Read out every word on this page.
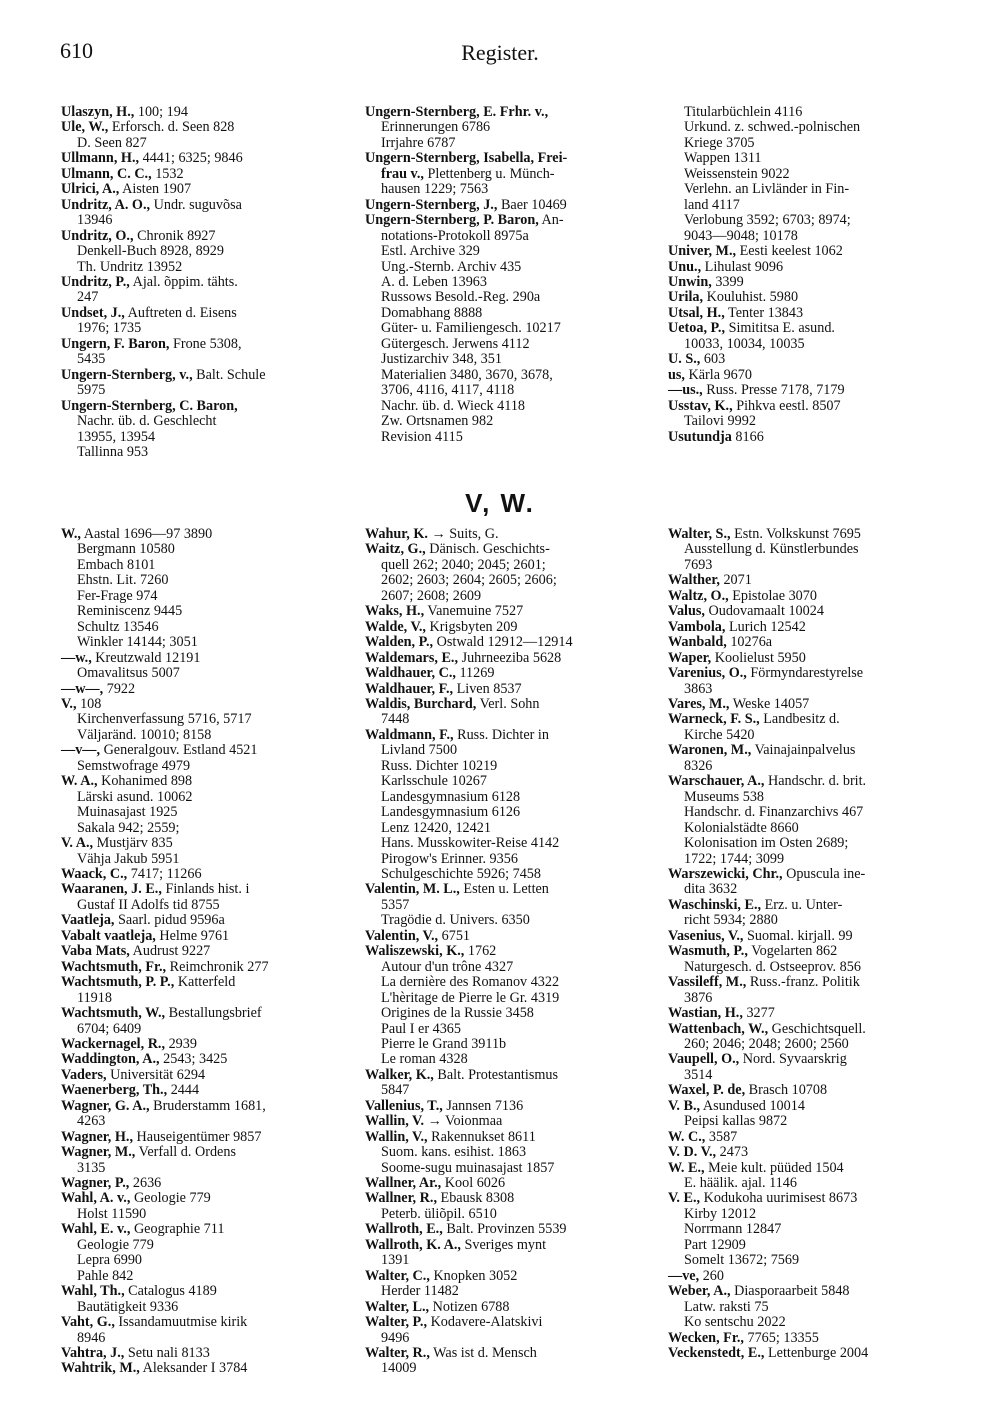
610	Register.
Ulaszyn, H., 100; 194
Ule, W., Erforsch. d. Seen 828
D. Seen 827
Ullmann, H., 4441; 6325; 9846
Ulmann, C. C., 1532
Ulrici, A., Aisten 1907
Undritz, A. O., Undr. suguvõsa
13946
Undritz, O., Chronik 8927
Denkell-Buch 8928, 8929
Th. Undritz 13952
Undritz, P., Ajal. õppim. tähts.
247
Undset, J., Auftreten d. Eisens
1976; 1735
Ungern, F. Baron, Frone 5308,
5435
Ungern-Sternberg, v., Balt. Schule
5975
Ungern-Sternberg, C. Baron,
Nachr. üb. d. Geschlecht
13955, 13954
Tallinna 953
Ungern-Sternberg, E. Frhr. v.,
Erinnerungen 6786
Irrjahre 6787
Ungern-Sternberg, Isabella, Frei-
frau v., Plettenberg u. Münch-
hausen 1229; 7563
Ungern-Sternberg, J., Baer 10469
Ungern-Sternberg, P. Baron, An-
notations-Protokoll 8975a
Estl. Archive 329
Ung.-Sternb. Archiv 435
A. d. Leben 13963
Russows Besold.-Reg. 290a
Domabhang 8888
Güter- u. Familiengesch. 10217
Gütergesch. Jerwens 4112
Justizarchiv 348, 351
Materialien 3480, 3670, 3678,
3706, 4116, 4117, 4118
Nachr. üb. d. Wieck 4118
Zw. Ortsnamen 982
Revision 4115
Titularbüchlein 4116
Urkund. z. schwed.-polnischen
Kriege 3705
Wappen 1311
Weissenstein 9022
Verlehn. an Livländer in Fin-
land 4117
Verlobung 3592; 6703; 8974;
9043—9048; 10178
Univer, M., Eesti keelest 1062
Unu., Lihulast 9096
Unwin, 3399
Urila, Kouluhist. 5980
Utsal, H., Tenter 13843
Uetoa, P., Simititsa E. asund.
10033, 10034, 10035
U. S., 603
us, Kärla 9670
—us., Russ. Presse 7178, 7179
Usstav, K., Pihkva eestl. 8507
Tailovi 9992
Usutundja 8166
V, W.
W., Aastal 1696—97 3890
Bergmann 10580
Embach 8101
Ehstn. Lit. 7260
Fer-Frage 974
Reminiscenz 9445
Schultz 13546
Winkler 14144; 3051
—w., Kreutzwald 12191
Omavalitsus 5007
—w—, 7922
V., 108
Kirchenverfassung 5716, 5717
Väljaränd. 10010; 8158
—v—, Generalgouv. Estland 4521
Semstwofrage 4979
W. A., Kohanimed 898
Lärski asund. 10062
Muinasajast 1925
Sakala 942; 2559;
V. A., Mustjärv 835
Vähja Jakub 5951
Waack, C., 7417; 11266
Waaranen, J. E., Finlands hist. i
Gustaf II Adolfs tid 8755
Vaatleja, Saarl. pidud 9596a
Vabalt vaatleja, Helme 9761
Vaba Mats, Audrust 9227
Wachtsmuth, Fr., Reimchronik 277
Wachtsmuth, P. P., Katterfeld
11918
Wachtsmuth, W., Bestallungsbrief
6704; 6409
Wackernagel, R., 2939
Waddington, A., 2543; 3425
Vaders, Universität 6294
Waenerberg, Th., 2444
Wagner, G. A., Bruderstamm 1681,
4263
Wagner, H., Hauseigentümer 9857
Wagner, M., Verfall d. Ordens
3135
Wagner, P., 2636
Wahl, A. v., Geologie 779
Holst 11590
Wahl, E. v., Geographie 711
Geologie 779
Lepra 6990
Pahle 842
Wahl, Th., Catalogus 4189
Bautätigkeit 9336
Vaht, G., Issandamuutmise kirik
8946
Vahtra, J., Setu nali 8133
Wahtrik, M., Aleksander I 3784
Wahur, K. → Suits, G.
Waitz, G., Dänisch. Geschichts-
quell 262; 2040; 2045; 2601;
2602; 2603; 2604; 2605; 2606;
2607; 2608; 2609
Waks, H., Vanemuine 7527
Walde, V., Krigsbyten 209
Walden, P., Ostwald 12912—12914
Waldemars, E., Juhrneeziba 5628
Waldhauer, C., 11269
Waldhauer, F., Liven 8537
Waldis, Burchard, Verl. Sohn
7448
Waldmann, F., Russ. Dichter in
Livland 7500
Russ. Dichter 10219
Karlsschule 10267
Landesgymnasium 6128
Landesgymnasium 6126
Lenz 12420, 12421
Hans. Musskowiter-Reise 4142
Pirogow's Erinner. 9356
Schulgeschichte 5926; 7458
Valentin, M. L., Esten u. Letten
5357
Tragödie d. Univers. 6350
Valentin, V., 6751
Waliszewski, K., 1762
Autour d'un trône 4327
La dernière des Romanov 4322
L'hèritage de Pierre le Gr. 4319
Origines de la Russie 3458
Paul I er 4365
Pierre le Grand 3911b
Le roman 4328
Walker, K., Balt. Protestantismus
5847
Vallenius, T., Jannsen 7136
Wallin, V. → Voionmaa
Wallin, V., Rakennukset 8611
Suom. kans. esihist. 1863
Soome-sugu muinasajast 1857
Wallner, Ar., Kool 6026
Wallner, R., Ebausk 8308
Peterb. üliõpil. 6510
Wallroth, E., Balt. Provinzen 5539
Wallroth, K. A., Sveriges mynt
1391
Walter, C., Knopken 3052
Herder 11482
Walter, L., Notizen 6788
Walter, P., Kodavere-Alatskivi
9496
Walter, R., Was ist d. Mensch
14009
Walter, S., Estn. Volkskunst 7695
Ausstellung d. Künstlerbundes
7693
Walther, 2071
Waltz, O., Epistolae 3070
Valus, Oudovamaalt 10024
Vambola, Lurich 12542
Wanbald, 10276a
Waper, Koolielust 5950
Varenius, O., Förmyndarestyrelse
3863
Vares, M., Weske 14057
Warneck, F. S., Landbesitz d.
Kirche 5420
Waronen, M., Vainajainpalvelus
8326
Warschauer, A., Handschr. d. brit.
Museums 538
Handschr. d. Finanzarchivs 467
Kolonialstädte 8660
Kolonisation im Osten 2689;
1722; 1744; 3099
Warszewicki, Chr., Opuscula ine-
dita 3632
Waschinski, E., Erz. u. Unter-
richt 5934; 2880
Vasenius, V., Suomal. kirjall. 99
Wasmuth, P., Vogelarten 862
Naturgesch. d. Ostseeprov. 856
Vassileff, M., Russ.-franz. Politik
3876
Wastian, H., 3277
Wattenbach, W., Geschichtsquell.
260; 2046; 2048; 2600; 2560
Vaupell, O., Nord. Syvaarskrig
3514
Waxel, P. de, Brasch 10708
V. B., Asundused 10014
Peipsi kallas 9872
W. C., 3587
V. D. V., 2473
W. E., Meie kult. püüded 1504
E. häälik. ajal. 1146
V. E., Kodukoha uurimisest 8673
Kirby 12012
Norrmann 12847
Part 12909
Somelt 13672; 7569
—ve, 260
Weber, A., Diasporaarbeit 5848
Latw. raksti 75
Ko sentschu 2022
Wecken, Fr., 7765; 13355
Veckenstedt, E., Lettenburge 2004
